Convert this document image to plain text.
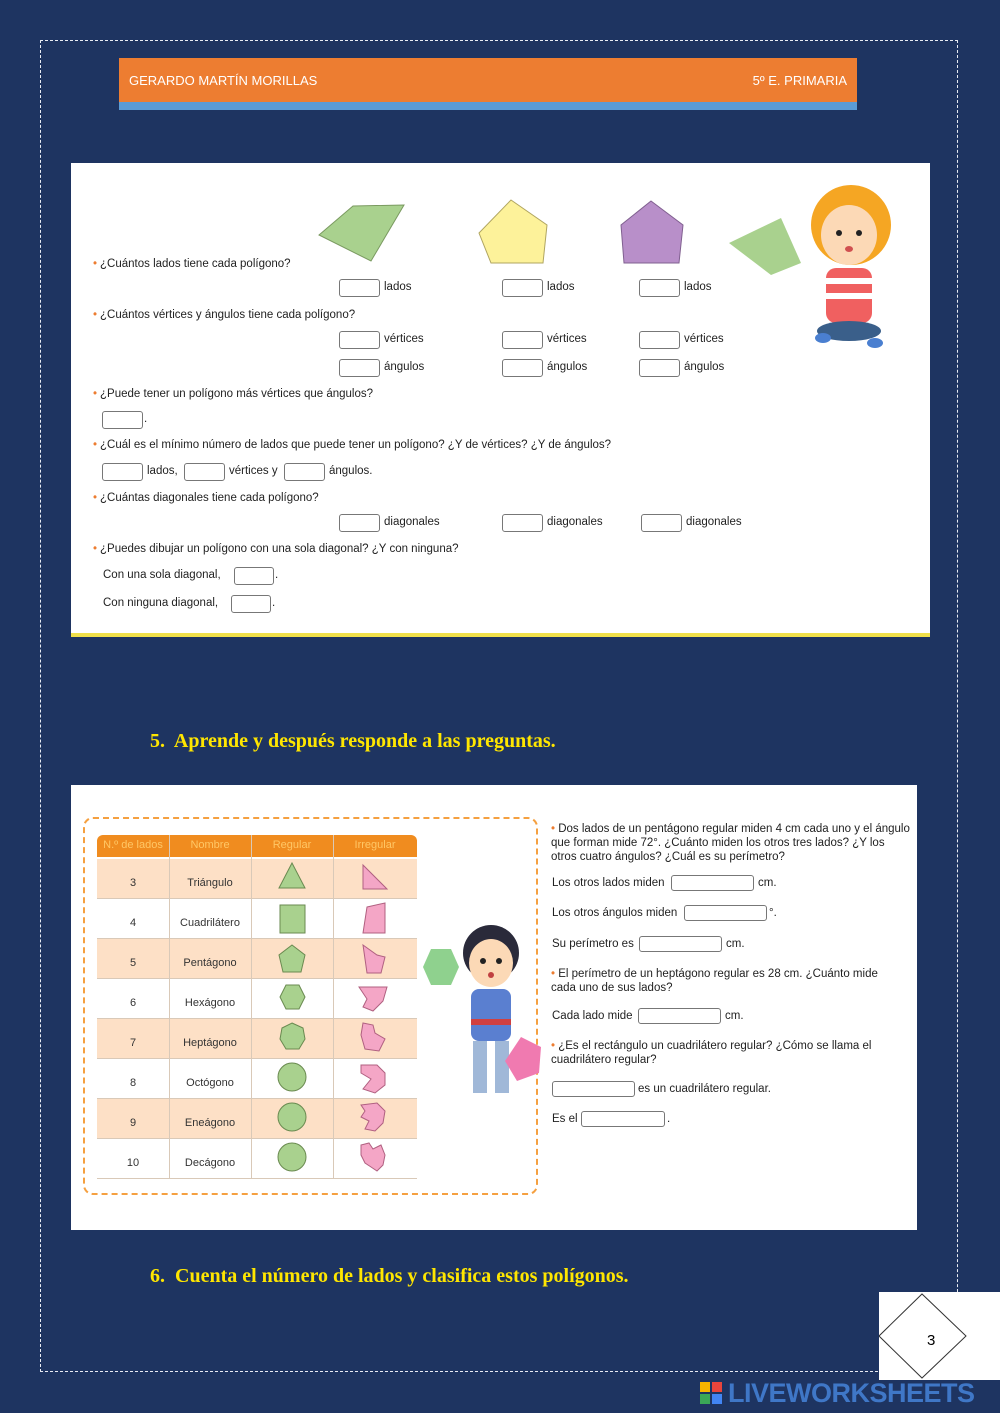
GERARDO MARTÍN MORILLAS	5º E. PRIMARIA
• ¿Cuántos lados tiene cada polígono?
lados	lados	lados
• ¿Cuántos vértices y ángulos tiene cada polígono?
vértices	vértices	vértices
ángulos	ángulos	ángulos
• ¿Puede tener un polígono más vértices que ángulos?
.
• ¿Cuál es el mínimo número de lados que puede tener un polígono? ¿Y de vértices? ¿Y de ángulos?
lados,	vértices y	ángulos.
• ¿Cuántas diagonales tiene cada polígono?
diagonales	diagonales	diagonales
• ¿Puedes dibujar un polígono con una sola diagonal? ¿Y con ninguna?
Con una sola diagonal,	.
Con ninguna diagonal,	.
5. Aprende y después responde a las preguntas.
N.º de lados	Nombre	Regular	Irregular
3	Triángulo
4	Cuadrilátero
5	Pentágono
6	Hexágono
7	Heptágono
8	Octógono
9	Eneágono
10	Decágono
• Dos lados de un pentágono regular miden 4 cm cada uno y el ángulo que forman mide 72°. ¿Cuánto miden los otros tres lados? ¿Y los otros cuatro ángulos? ¿Cuál es su perímetro?
Los otros lados miden	cm.
Los otros ángulos miden	°.
Su perímetro es	cm.
• El perímetro de un heptágono regular es 28 cm. ¿Cuánto mide cada uno de sus lados?
Cada lado mide	cm.
• ¿Es el rectángulo un cuadrilátero regular? ¿Cómo se llama el cuadrilátero regular?
es un cuadrilátero regular.
Es el	.
6. Cuenta el número de lados y clasifica estos polígonos.
3
LIVEWORKSHEETS
